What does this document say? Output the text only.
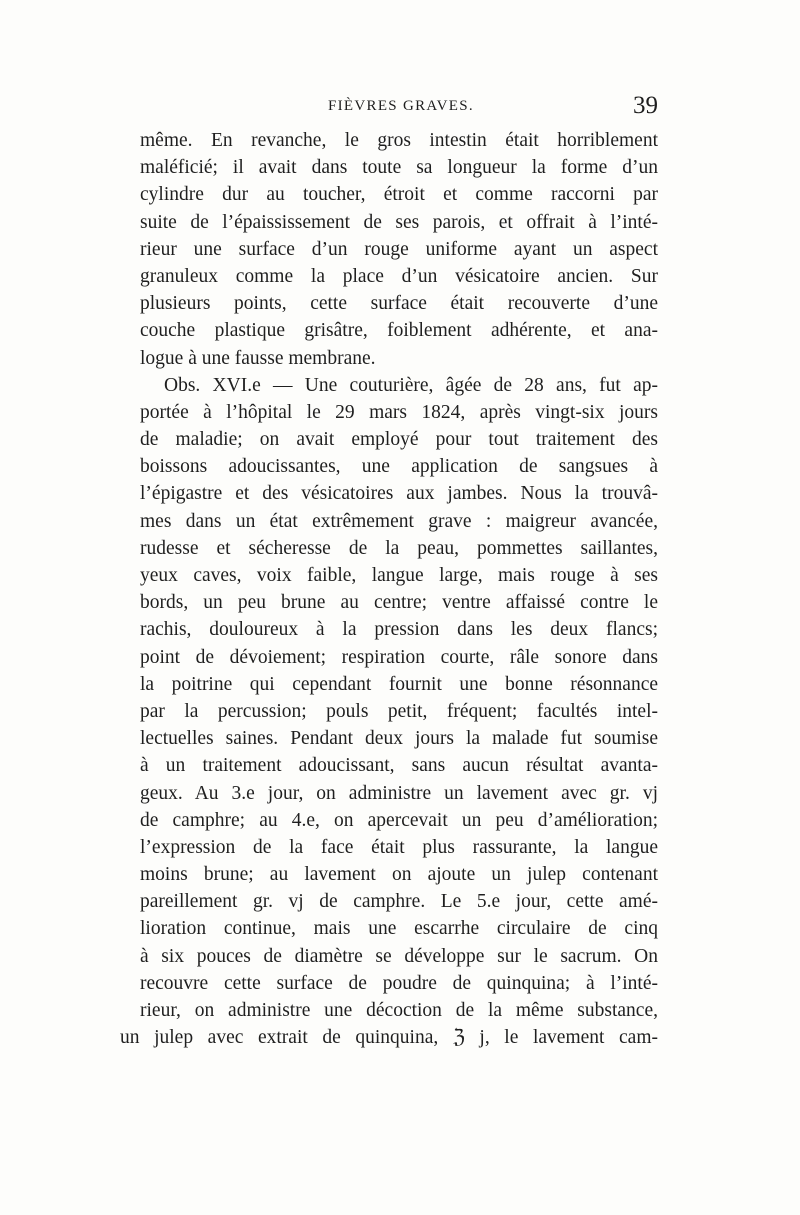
FIÈVRES GRAVES.	39
même. En revanche, le gros intestin était horriblement
maléficié; il avait dans toute sa longueur la forme d’un
cylindre dur au toucher, étroit et comme raccorni par
suite de l’épaississement de ses parois, et offrait à l’inté-
rieur une surface d’un rouge uniforme ayant un aspect
granuleux comme la place d’un vésicatoire ancien. Sur
plusieurs points, cette surface était recouverte d’une
couche plastique grisâtre, foiblement adhérente, et ana-
logue à une fausse membrane.
Obs. XVI.e — Une couturière, âgée de 28 ans, fut ap-
portée à l’hôpital le 29 mars 1824, après vingt-six jours
de maladie; on avait employé pour tout traitement des
boissons adoucissantes, une application de sangsues à
l’épigastre et des vésicatoires aux jambes. Nous la trouvâ-
mes dans un état extrêmement grave : maigreur avancée,
rudesse et sécheresse de la peau, pommettes saillantes,
yeux caves, voix faible, langue large, mais rouge à ses
bords, un peu brune au centre; ventre affaissé contre le
rachis, douloureux à la pression dans les deux flancs;
point de dévoiement; respiration courte, râle sonore dans
la poitrine qui cependant fournit une bonne résonnance
par la percussion; pouls petit, fréquent; facultés intel-
lectuelles saines. Pendant deux jours la malade fut soumise
à un traitement adoucissant, sans aucun résultat avanta-
geux. Au 3.e jour, on administre un lavement avec gr. vj
de camphre; au 4.e, on apercevait un peu d’amélioration;
l’expression de la face était plus rassurante, la langue
moins brune; au lavement on ajoute un julep contenant
pareillement gr. vj de camphre. Le 5.e jour, cette amé-
lioration continue, mais une escarrhe circulaire de cinq
à six pouces de diamètre se développe sur le sacrum. On
recouvre cette surface de poudre de quinquina; à l’inté-
rieur, on administre une décoction de la même substance,
un julep avec extrait de quinquina, ℨ j, le lavement cam-
